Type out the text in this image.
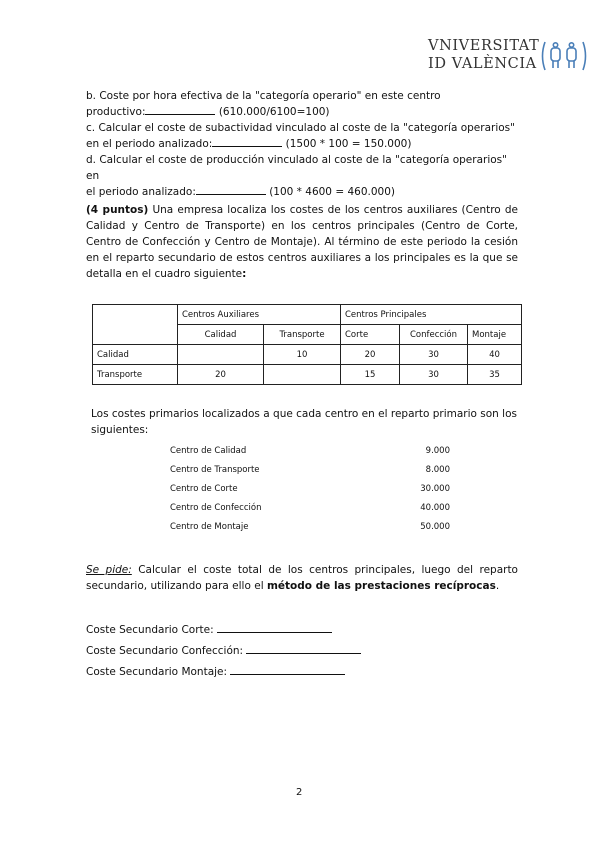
VNIVERSITAT
ID VALÈNCIA
b. Coste por hora efectiva de la "categoría operario" en este centro
productivo:	(610.000/6100=100)
c. Calcular el coste de subactividad vinculado al coste de la "categoría operarios"
en el periodo analizado:	(1500 * 100 = 150.000)
d. Calcular el coste de producción vinculado al coste de la "categoría operarios" en
el periodo analizado:	(100 * 4600 = 460.000)
(4 puntos) Una empresa localiza los costes de los centros auxiliares (Centro de Calidad y Centro de Transporte) en los centros principales (Centro de Corte, Centro de Confección y Centro de Montaje). Al término de este periodo la cesión en el reparto secundario de estos centros auxiliares a los principales es la que se detalla en el cuadro siguiente:
	Centros Auxiliares		Centros Principales		
	Calidad	Transporte	Corte	Confección	Montaje
Calidad		10	20	30	40
Transporte	20		15	30	35
Los costes primarios localizados a que cada centro en el reparto primario son los siguientes:
Centro de Calidad	9.000
Centro de Transporte	8.000
Centro de Corte	30.000
Centro de Confección	40.000
Centro de Montaje	50.000
Se pide: Calcular el coste total de los centros principales, luego del reparto secundario, utilizando para ello el método de las prestaciones recíprocas.
Coste Secundario Corte:
Coste Secundario Confección:
Coste Secundario Montaje:
2
